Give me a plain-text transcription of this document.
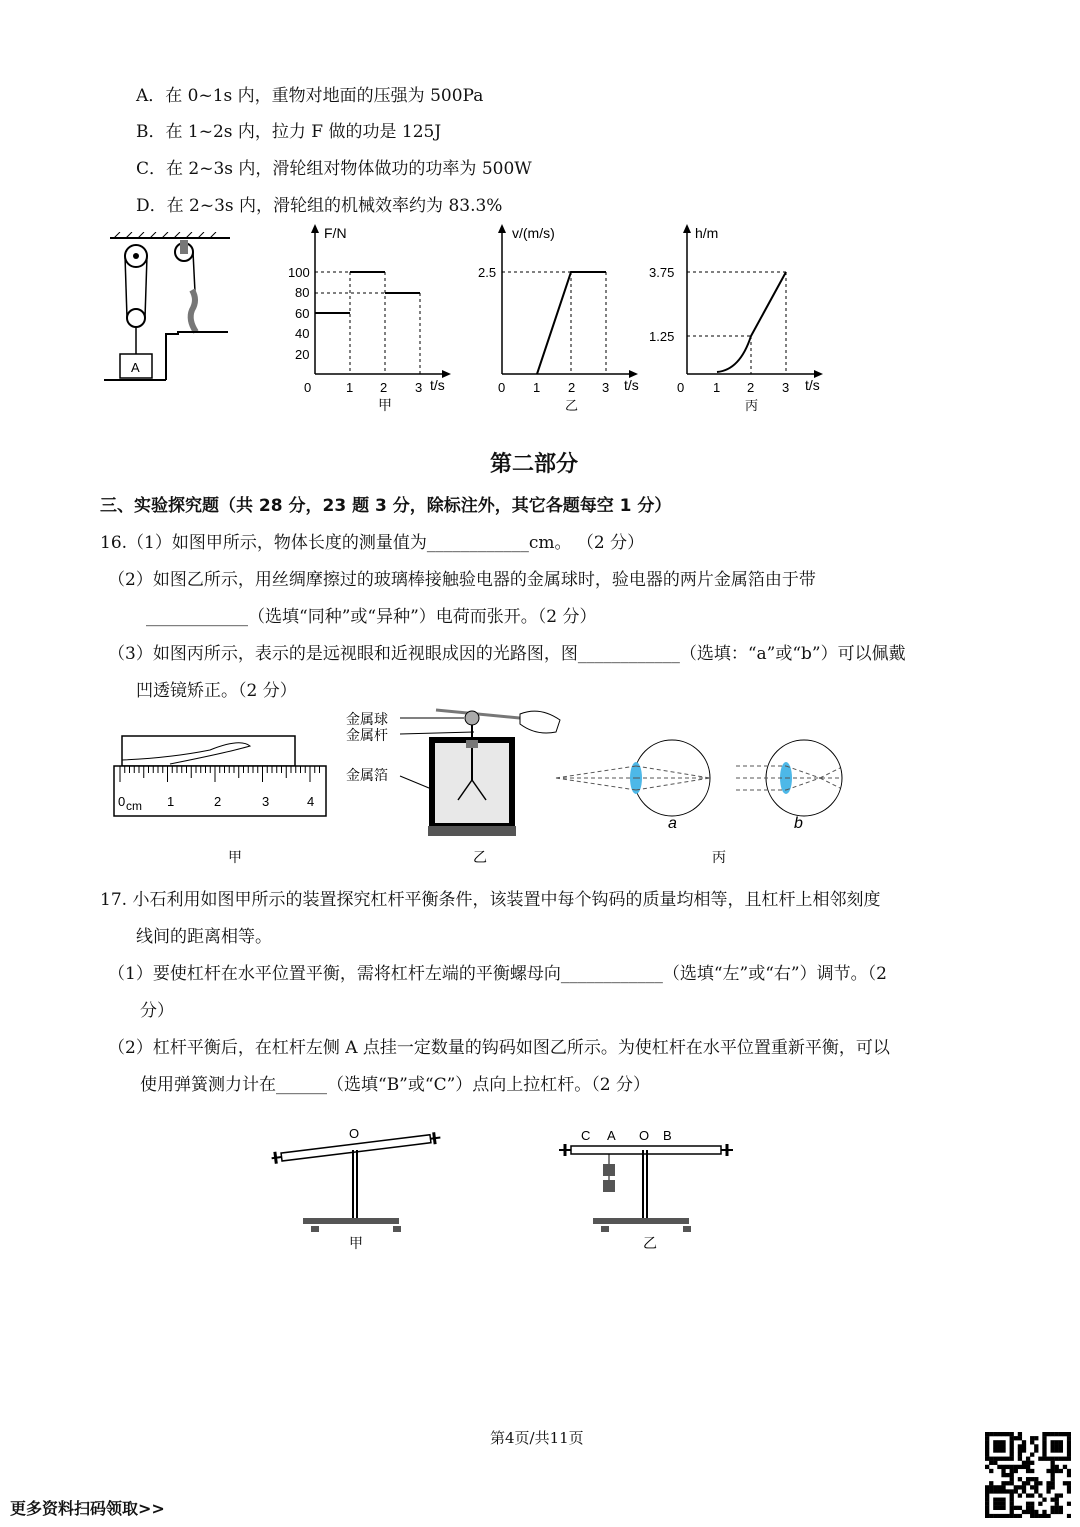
A．在 0~1s 内，重物对地面的压强为 500Pa
B．在 1~2s 内，拉力 F 做的功是 125J
C．在 2~3s 内，滑轮组对物体做功的功率为 500W
D．在 2~3s 内，滑轮组的机械效率约为 83.3%
A
F/N
t/s
100
80
60
40
20
0	1 2 3
甲
v/(m/s)
t/s
2.5
0 1 2 3
乙
h/m
t/s
3.75
1.25
0 1 2 3
丙
第二部分
三、实验探究题（共 28 分，23 题 3 分，除标注外，其它各题每空 1 分）
16.（1）如图甲所示，物体长度的测量值为____________cm。 （2 分）
（2）如图乙所示，用丝绸摩擦过的玻璃棒接触验电器的金属球时，验电器的两片金属箔由于带
____________（选填“同种”或“异种”）电荷而张开。（2 分）
（3）如图丙所示，表示的是远视眼和近视眼成因的光路图，图____________（选填：“a”或“b”）可以佩戴
凹透镜矫正。（2 分）
0 cm 1	2	3	4
甲
金属球
金属杆
金属箔
乙
a	b
丙
17. 小石利用如图甲所示的装置探究杠杆平衡条件，该装置中每个钩码的质量均相等，且杠杆上相邻刻度
线间的距离相等。
（1）要使杠杆在水平位置平衡，需将杠杆左端的平衡螺母向____________（选填“左”或“右”）调节。（2
分）
（2）杠杆平衡后，在杠杆左侧 A 点挂一定数量的钩码如图乙所示。为使杠杆在水平位置重新平衡，可以
使用弹簧测力计在______（选填“B”或“C”）点向上拉杠杆。（2 分）
O
甲
C A O B
乙
第4页/共11页
更多资料扫码领取>>
